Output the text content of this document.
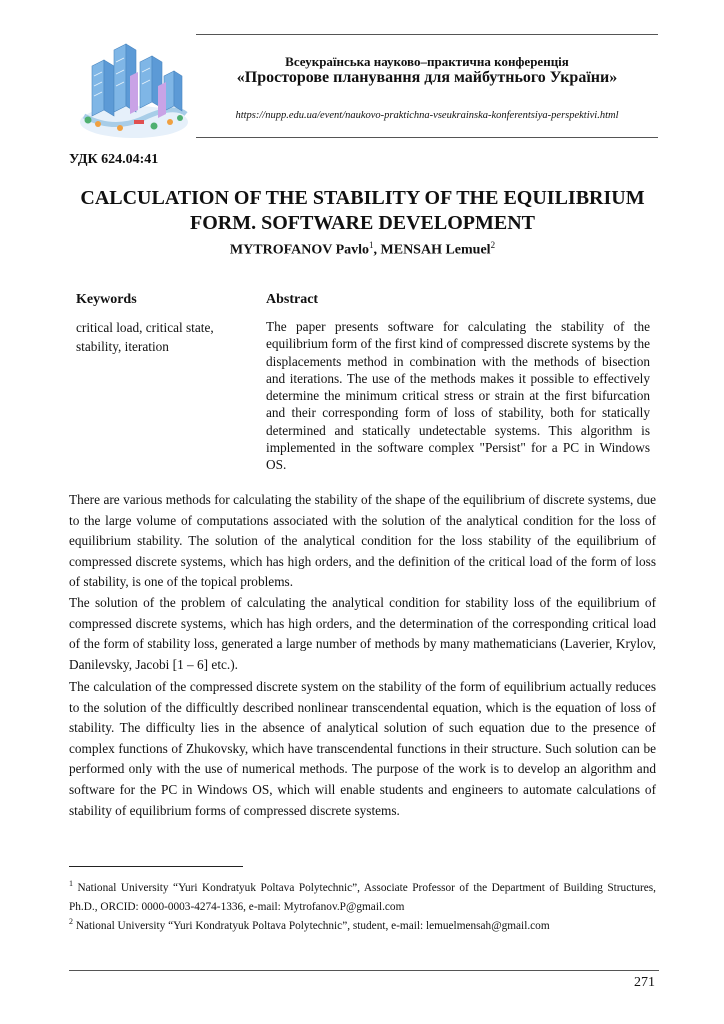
Всеукраїнська науково–практична конференція
«Просторове планування для майбутнього України»
https://nupp.edu.ua/event/naukovo-praktichna-vseukrainska-konferentsiya-perspektivi.html
УДК 624.04:41
CALCULATION OF THE STABILITY OF THE EQUILIBRIUM FORM. SOFTWARE DEVELOPMENT
MYTROFANOV Pavlo$^1$, MENSAH Lemuel$^2$
Keywords	Abstract
critical load, critical state, stability, iteration
The paper presents software for calculating the stability of the equilibrium form of the first kind of compressed discrete systems by the displacements method in combination with the methods of bisection and iterations. The use of the methods makes it possible to effectively determine the minimum critical stress or strain at the first bifurcation and their corresponding form of loss of stability, both for statically determined and statically undetectable systems. This algorithm is implemented in the software complex "Persist" for a PC in Windows OS.
There are various methods for calculating the stability of the shape of the equilibrium of discrete systems, due to the large volume of computations associated with the solution of the analytical condition for the loss of equilibrium stability. The solution of the analytical condition for the loss stability of the equilibrium of compressed discrete systems, which has high orders, and the definition of the critical load of the form of loss of stability, is one of the topical problems.
The solution of the problem of calculating the analytical condition for stability loss of the equilibrium of compressed discrete systems, which has high orders, and the determination of the corresponding critical load of the form of stability loss, generated a large number of methods by many mathematicians (Laverier, Krylov, Danilevsky, Jacobi [1 – 6] etc.).
The calculation of the compressed discrete system on the stability of the form of equilibrium actually reduces to the solution of the difficultly described nonlinear transcendental equation, which is the equation of loss of stability. The difficulty lies in the absence of analytical solution of such equation due to the presence of complex functions of Zhukovsky, which have transcendental functions in their structure. Such solution can be performed only with the use of numerical methods. The purpose of the work is to develop an algorithm and software for the PC in Windows OS, which will enable students and engineers to automate calculations of stability of equilibrium forms of compressed discrete systems.
$^1$ National University “Yuri Kondratyuk Poltava Polytechnic”, Associate Professor of the Department of Building Structures, Ph.D., ORCID: 0000-0003-4274-1336, e-mail: Mytrofanov.P@gmail.com
$^2$ National University “Yuri Kondratyuk Poltava Polytechnic”, student, e-mail: lemuelmensah@gmail.com
271
